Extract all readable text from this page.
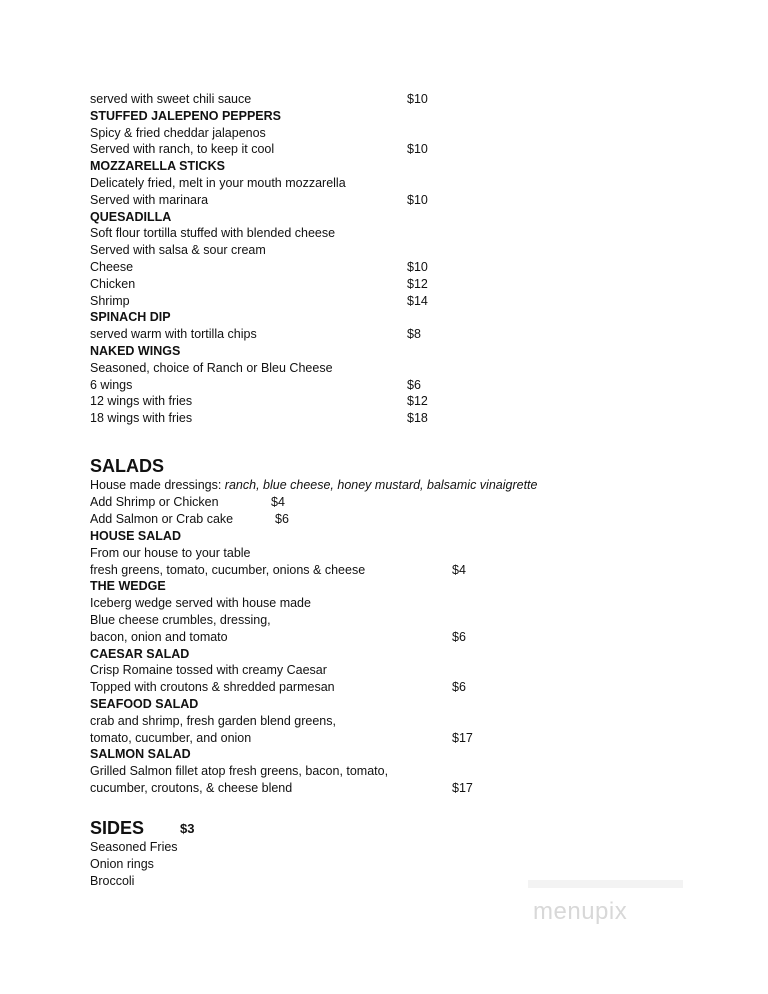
served with sweet chili sauce	$10
STUFFED JALEPENO PEPPERS
Spicy & fried cheddar jalapenos
Served with ranch, to keep it cool	$10
MOZZARELLA STICKS
Delicately fried, melt in your mouth mozzarella
Served with marinara	$10
QUESADILLA
Soft flour tortilla stuffed with blended cheese
Served with salsa & sour cream
Cheese	$10
Chicken	$12
Shrimp	$14
SPINACH DIP
served warm with tortilla chips	$8
NAKED WINGS
Seasoned, choice of Ranch or Bleu Cheese
6 wings	$6
12 wings with fries	$12
18 wings with fries	$18
SALADS
House made dressings: ranch, blue cheese, honey mustard, balsamic vinaigrette
Add Shrimp or Chicken	$4
Add Salmon or Crab cake	$6
HOUSE SALAD
From our house to your table
fresh greens, tomato, cucumber, onions & cheese	$4
THE WEDGE
Iceberg wedge served with house made
Blue cheese crumbles, dressing,
bacon, onion and tomato	$6
CAESAR SALAD
Crisp Romaine tossed with creamy Caesar
Topped with croutons & shredded parmesan	$6
SEAFOOD SALAD
crab and shrimp, fresh garden blend greens,
tomato, cucumber, and onion	$17
SALMON SALAD
Grilled Salmon fillet atop fresh greens, bacon, tomato,
cucumber, croutons, & cheese blend	$17
SIDES	$3
Seasoned Fries
Onion rings
Broccoli
menupix
